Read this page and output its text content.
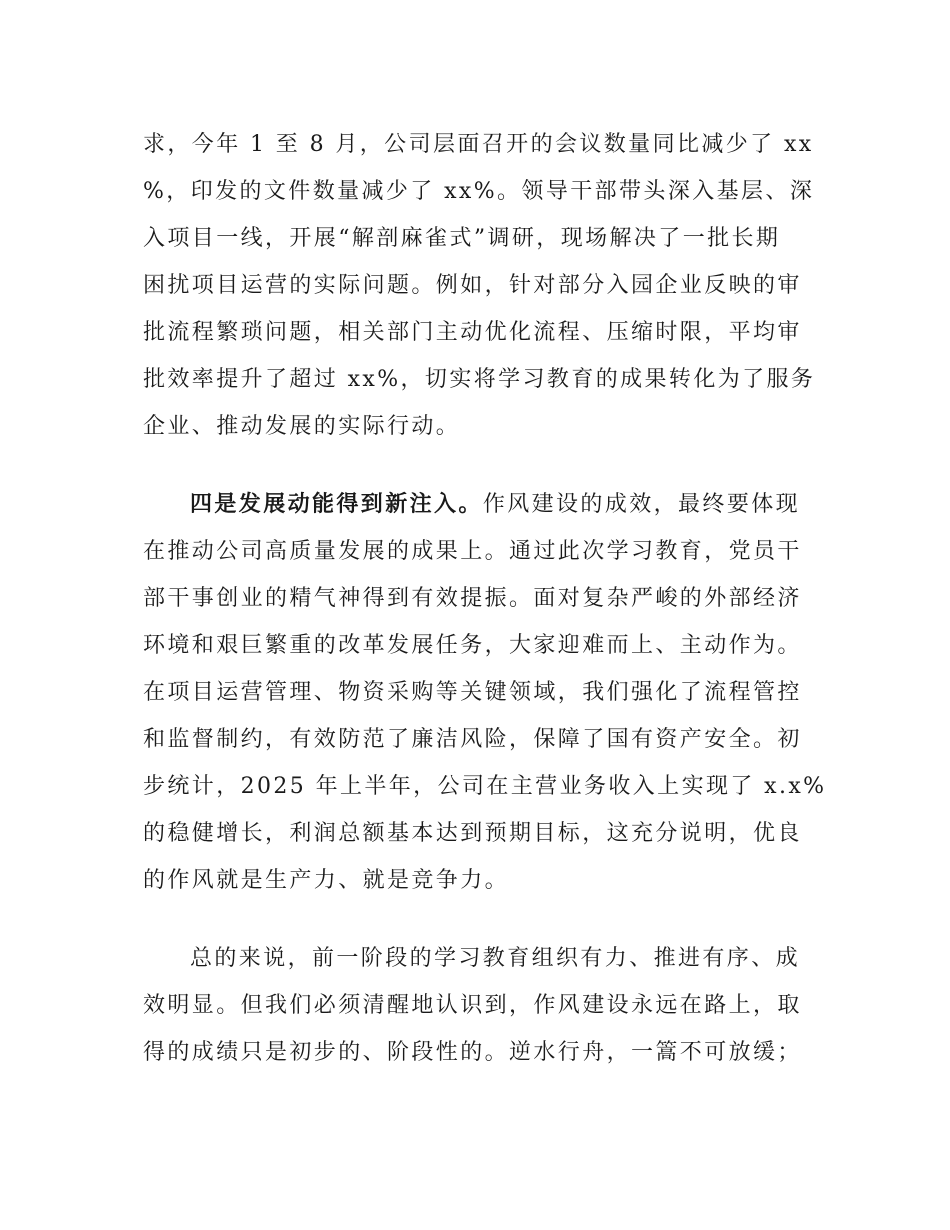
求，今年 1 至 8 月，公司层面召开的会议数量同比减少了 xx
%，印发的文件数量减少了 xx%。领导干部带头深入基层、深
入项目一线，开展“解剖麻雀式”调研，现场解决了一批长期
困扰项目运营的实际问题。例如，针对部分入园企业反映的审
批流程繁琐问题，相关部门主动优化流程、压缩时限，平均审
批效率提升了超过 xx%，切实将学习教育的成果转化为了服务
企业、推动发展的实际行动。
四是发展动能得到新注入。作风建设的成效，最终要体现
在推动公司高质量发展的成果上。通过此次学习教育，党员干
部干事创业的精气神得到有效提振。面对复杂严峻的外部经济
环境和艰巨繁重的改革发展任务，大家迎难而上、主动作为。
在项目运营管理、物资采购等关键领域，我们强化了流程管控
和监督制约，有效防范了廉洁风险，保障了国有资产安全。初
步统计，2025 年上半年，公司在主营业务收入上实现了 x.x%
的稳健增长，利润总额基本达到预期目标，这充分说明，优良
的作风就是生产力、就是竞争力。
总的来说，前一阶段的学习教育组织有力、推进有序、成
效明显。但我们必须清醒地认识到，作风建设永远在路上，取
得的成绩只是初步的、阶段性的。逆水行舟，一篙不可放缓；
